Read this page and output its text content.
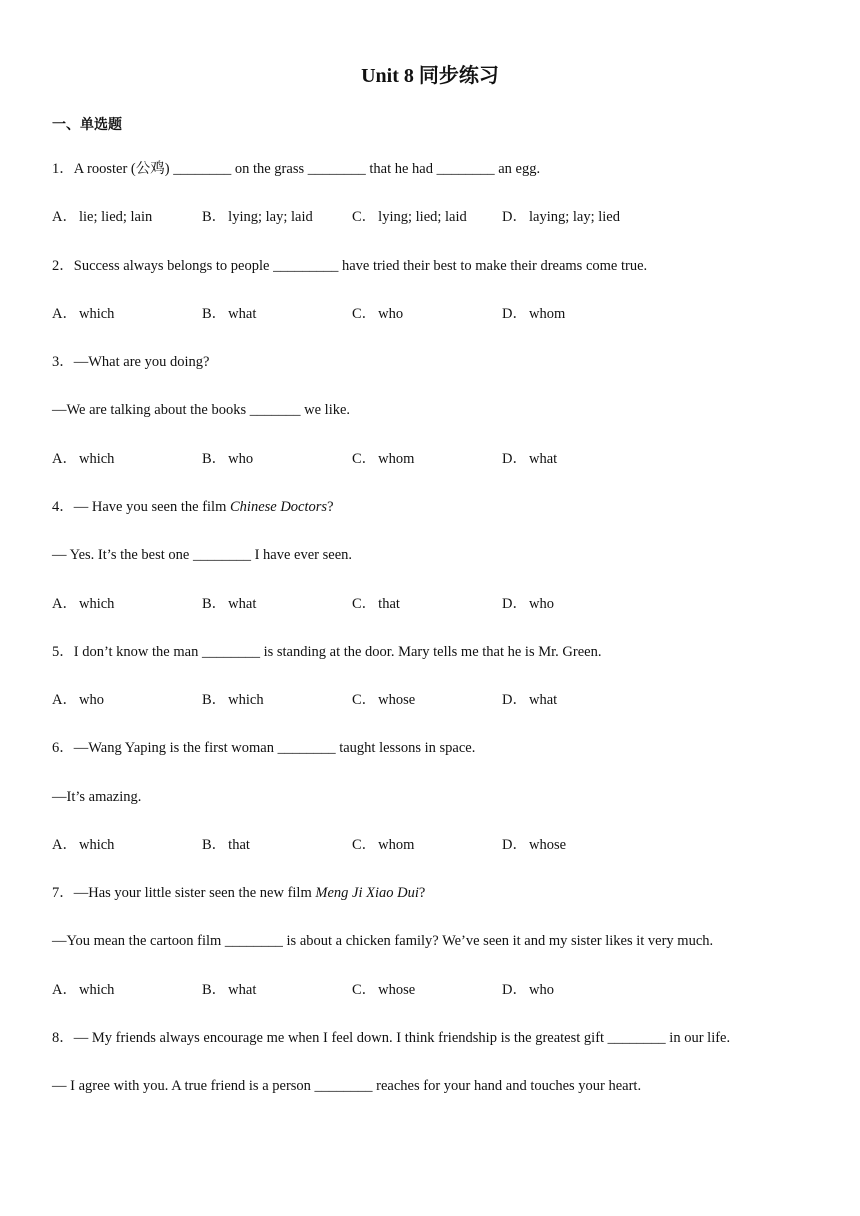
Unit 8 同步练习
一、单选题
1．A rooster (公鸡) ________ on the grass ________ that he had ________ an egg.
A． lie; lied; lain	B． lying; lay; laid	C． lying; lied; laid D． laying; lay; lied
2．Success always belongs to people _________ have tried their best to make their dreams come true.
A． which	B． what	C． who	D． whom
3．—What are you doing?
—We are talking about the books _______ we like.
A． which	B． who	C． whom	D． what
4．— Have you seen the film Chinese Doctors?
— Yes. It’s the best one ________ I have ever seen.
A． which	B． what	C． that	D． who
5．I don’t know the man ________ is standing at the door. Mary tells me that he is Mr. Green.
A． who	B． which	C． whose	D． what
6．—Wang Yaping is the first woman ________ taught lessons in space.
—It’s amazing.
A． which	B． that	C． whom	D． whose
7．—Has your little sister seen the new film Meng Ji Xiao Dui?
—You mean the cartoon film ________ is about a chicken family? We’ve seen it and my sister likes it very much.
A． which	B． what	C． whose	D． who
8．— My friends always encourage me when I feel down. I think friendship is the greatest gift ________ in our life.
— I agree with you. A true friend is a person ________ reaches for your hand and touches your heart.
